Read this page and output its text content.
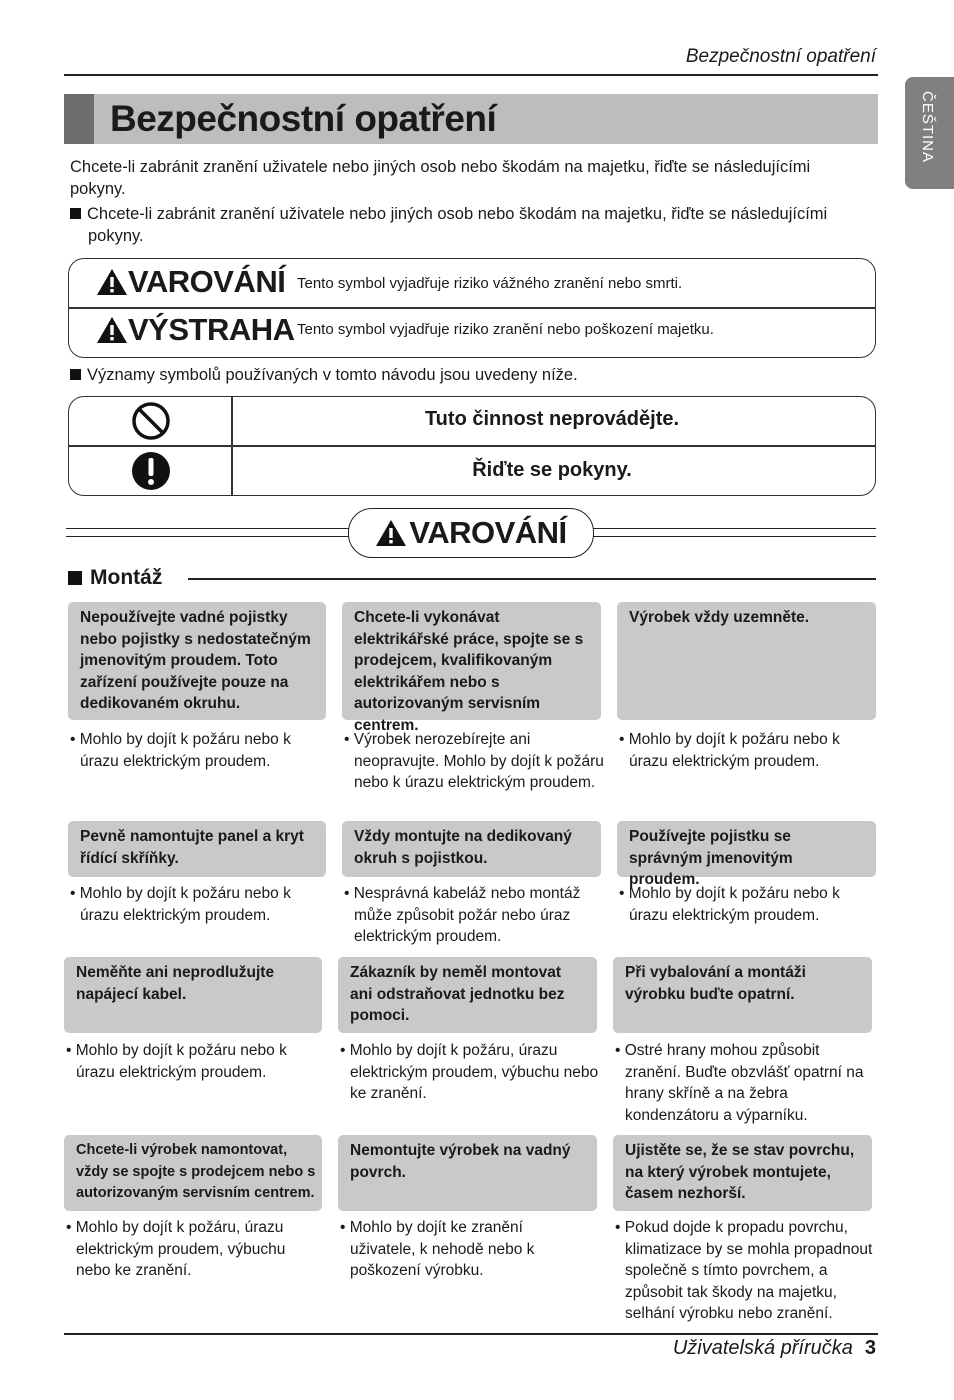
Bezpečnostní opatření
ČEŠTINA
Bezpečnostní opatření
Chcete-li zabránit zranění uživatele nebo jiných osob nebo škodám na majetku, řiďte se následujícími pokyny.
Chcete-li zabránit zranění uživatele nebo jiných osob nebo škodám na majetku, řiďte se následujícími pokyny.
VAROVÁNÍ Tento symbol vyjadřuje riziko vážného zranění nebo smrti.
VÝSTRAHA Tento symbol vyjadřuje riziko zranění nebo poškození majetku.
Významy symbolů používaných v tomto návodu jsou uvedeny níže.
Tuto činnost neprovádějte.
Řiďte se pokyny.
VAROVÁNÍ
Montáž
Nepoužívejte vadné pojistky nebo pojistky s nedostatečným jmenovitým proudem. Toto zařízení používejte pouze na dedikovaném okruhu.
Chcete-li vykonávat elektrikářské práce, spojte se s prodejcem, kvalifikovaným elektrikářem nebo s autorizovaným servisním centrem.
Výrobek vždy uzemněte.
• Mohlo by dojít k požáru nebo k úrazu elektrickým proudem.
• Výrobek nerozebírejte ani neopravujte. Mohlo by dojít k požáru nebo k úrazu elektrickým proudem.
• Mohlo by dojít k požáru nebo k úrazu elektrickým proudem.
Pevně namontujte panel a kryt řídící skříňky.
Vždy montujte na dedikovaný okruh s pojistkou.
Používejte pojistku se správným jmenovitým proudem.
• Mohlo by dojít k požáru nebo k úrazu elektrickým proudem.
• Nesprávná kabeláž nebo montáž může způsobit požár nebo úraz elektrickým proudem.
• Mohlo by dojít k požáru nebo k úrazu elektrickým proudem.
Neměňte ani neprodlužujte napájecí kabel.
Zákazník by neměl montovat ani odstraňovat jednotku bez pomoci.
Při vybalování a montáži výrobku buďte opatrní.
• Mohlo by dojít k požáru nebo k úrazu elektrickým proudem.
• Mohlo by dojít k požáru, úrazu elektrickým proudem, výbuchu nebo ke zranění.
• Ostré hrany mohou způsobit zranění. Buďte obzvlášť opatrní na hrany skříně a na žebra kondenzátoru a výparníku.
Chcete-li výrobek namontovat, vždy se spojte s prodejcem nebo s autorizovaným servisním centrem.
Nemontujte výrobek na vadný povrch.
Ujistěte se, že se stav povrchu, na který výrobek montujete, časem nezhorší.
• Mohlo by dojít k požáru, úrazu elektrickým proudem, výbuchu nebo ke zranění.
• Mohlo by dojít ke zranění uživatele, k nehodě nebo k poškození výrobku.
• Pokud dojde k propadu povrchu, klimatizace by se mohla propadnout společně s tímto povrchem, a způsobit tak škody na majetku, selhání výrobku nebo zranění.
Uživatelská příručka 3
